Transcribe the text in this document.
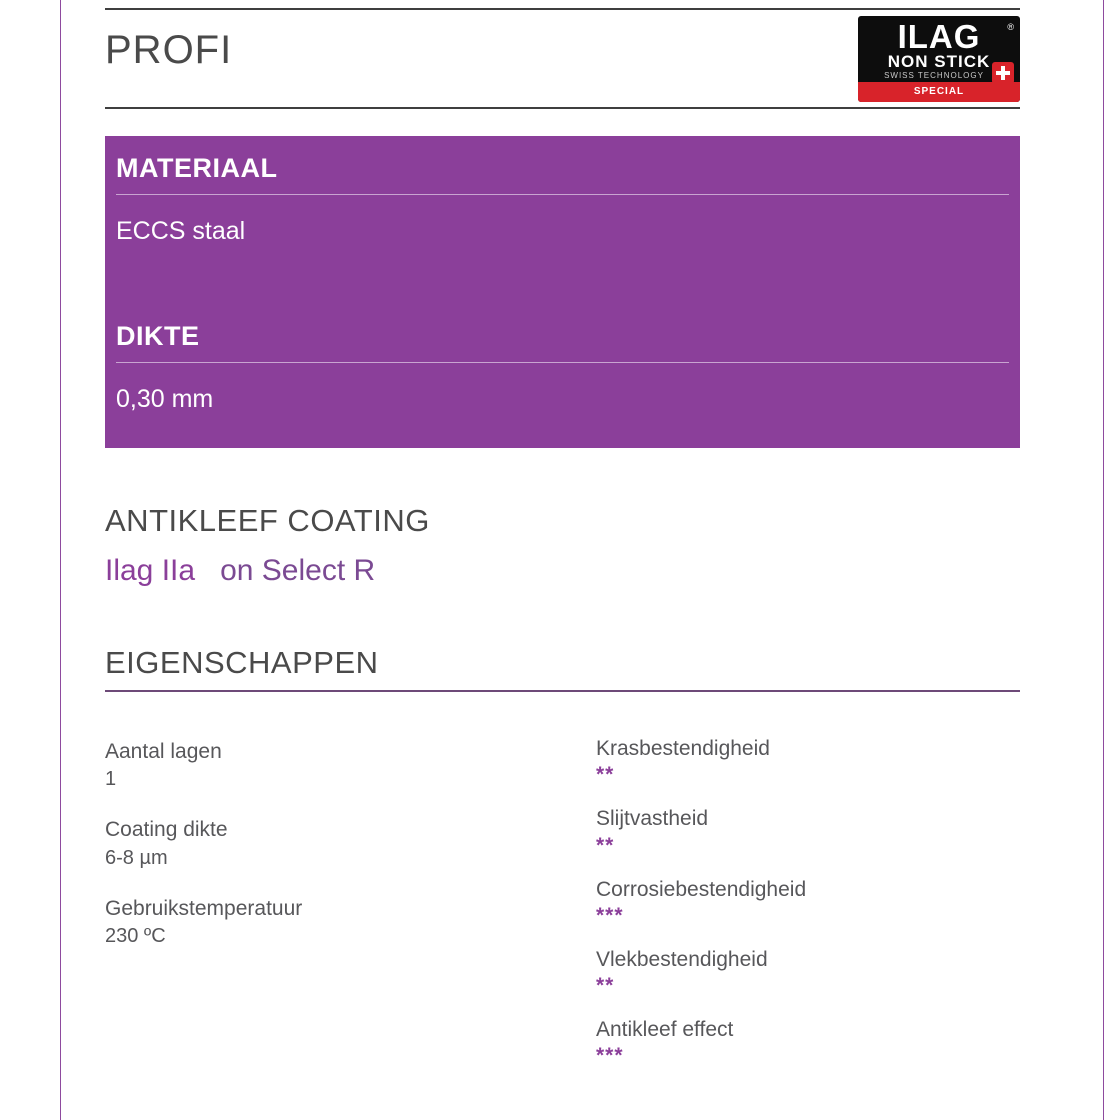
PROFI	ILAG	®
NON STICK
SWISS TECHNOLOGY
SPECIAL
MATERIAAL
ECCS staal
DIKTE
0,30 mm
ANTIKLEEF COATING
Ilag IIa on Select R
EIGENSCHAPPEN
Aantal lagen
1
Coating dikte
6-8 µm
Gebruikstemperatuur
230 ºC
Krasbestendigheid
**
Slijtvastheid
**
Corrosiebestendigheid
***
Vlekbestendigheid
**
Antikleef effect
***
